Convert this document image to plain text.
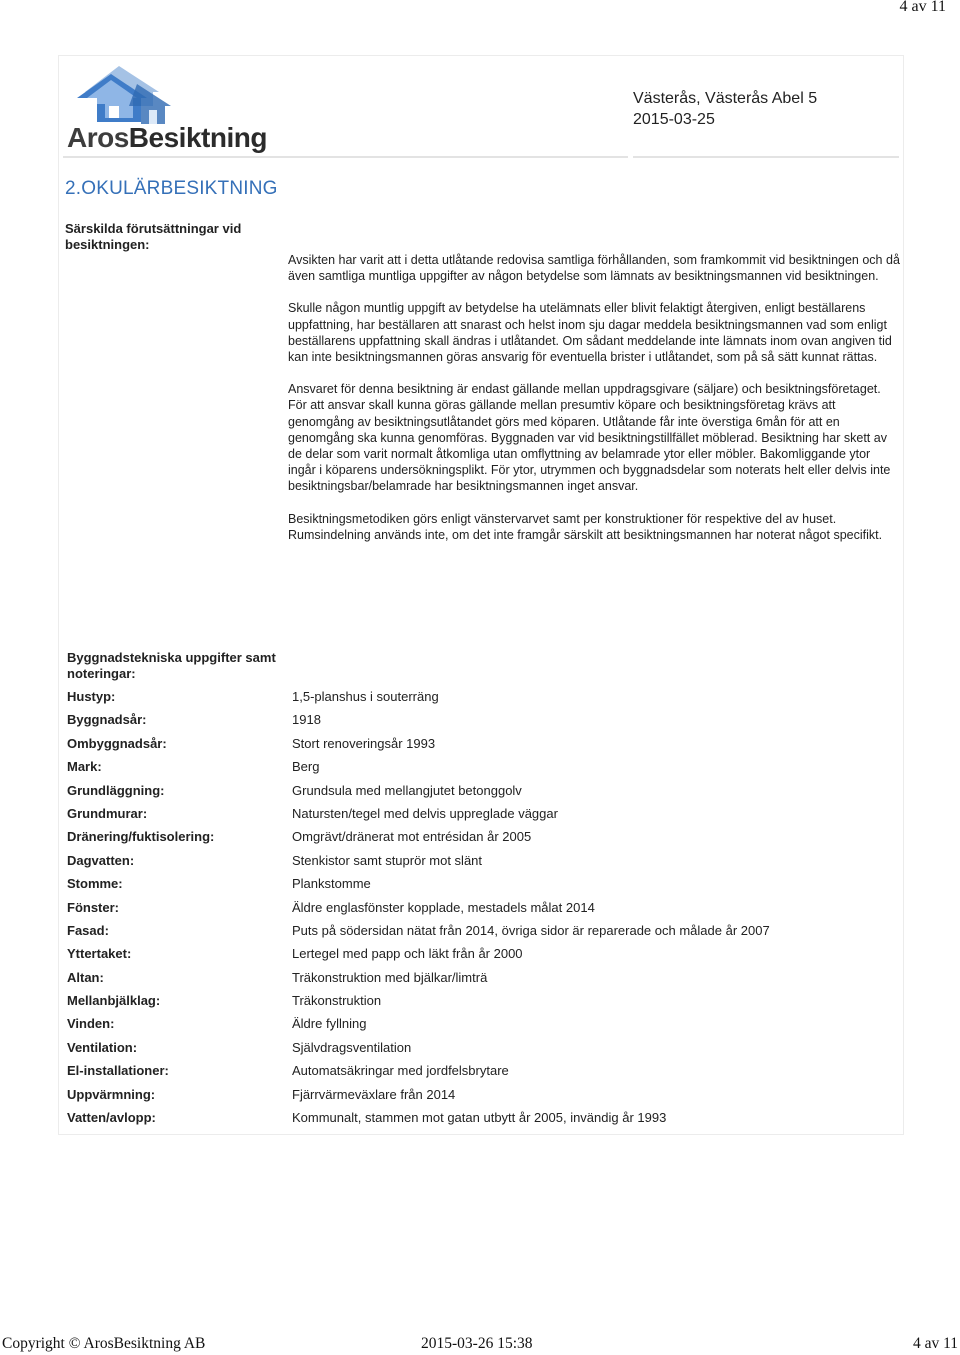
4 av 11
ArosBesiktning
Västerås, Västerås Abel 5
2015-03-25
2.OKULÄRBESIKTNING
Särskilda förutsättningar vid besiktningen:

Avsikten har varit att i detta utlåtande redovisa samtliga förhållanden, som framkommit vid besiktningen och då även samtliga muntliga uppgifter av någon betydelse som lämnats av besiktningsmannen vid besiktningen.

Skulle någon muntlig uppgift av betydelse ha utelämnats eller blivit felaktigt återgiven, enligt beställarens uppfattning, har beställaren att snarast och helst inom sju dagar meddela besiktningsmannen vad som enligt beställarens uppfattning skall ändras i utlåtandet. Om sådant meddelande inte lämnats inom ovan angiven tid kan inte besiktningsmannen göras ansvarig för eventuella brister i utlåtandet, som på så sätt kunnat rättas.

Ansvaret för denna besiktning är endast gällande mellan uppdragsgivare (säljare) och besiktningsföretaget. För att ansvar skall kunna göras gällande mellan presumtiv köpare och besiktningsföretag krävs att genomgång av besiktningsutlåtandet görs med köparen. Utlåtande får inte överstiga 6mån för att en genomgång ska kunna genomföras. Byggnaden var vid besiktningstillfället möblerad. Besiktning har skett av de delar som varit normalt åtkomliga utan omflyttning av belamrade ytor eller möbler. Bakomliggande ytor ingår i köparens undersökningsplikt. För ytor, utrymmen och byggnadsdelar som noterats helt eller delvis inte besiktningsbar/belamrade har besiktningsmannen inget ansvar.

Besiktningsmetodiken görs enligt vänstervarvet samt per konstruktioner för respektive del av huset. Rumsindelning används inte, om det inte framgår särskilt att besiktningsmannen har noterat något specifikt.

Byggnadstekniska uppgifter samt noteringar:
Hustyp:	1,5-planshus i souterräng
Byggnadsår:	1918
Ombyggnadsår:	Stort renoveringsår 1993
Mark:	Berg
Grundläggning:	Grundsula med mellangjutet betonggolv
Grundmurar:	Natursten/tegel med delvis uppreglade väggar
Dränering/fuktisolering:	Omgrävt/dränerat mot entrésidan år 2005
Dagvatten:	Stenkistor samt stuprör mot slänt
Stomme:	Plankstomme
Fönster:	Äldre englasfönster kopplade, mestadels målat 2014
Fasad:	Puts på södersidan nätat från 2014, övriga sidor är reparerade och målade år 2007
Yttertaket:	Lertegel med papp och läkt från år 2000
Altan:	Träkonstruktion med bjälkar/limträ
Mellanbjälklag:	Träkonstruktion
Vinden:	Äldre fyllning
Ventilation:	Självdragsventilation
El-installationer:	Automatsäkringar med jordfelsbrytare
Uppvärmning:	Fjärrvärmeväxlare från 2014
Vatten/avlopp:	Kommunalt, stammen mot gatan utbytt år 2005, invändig år 1993
Copyright © ArosBesiktning AB	2015-03-26 15:38	4 av 11
